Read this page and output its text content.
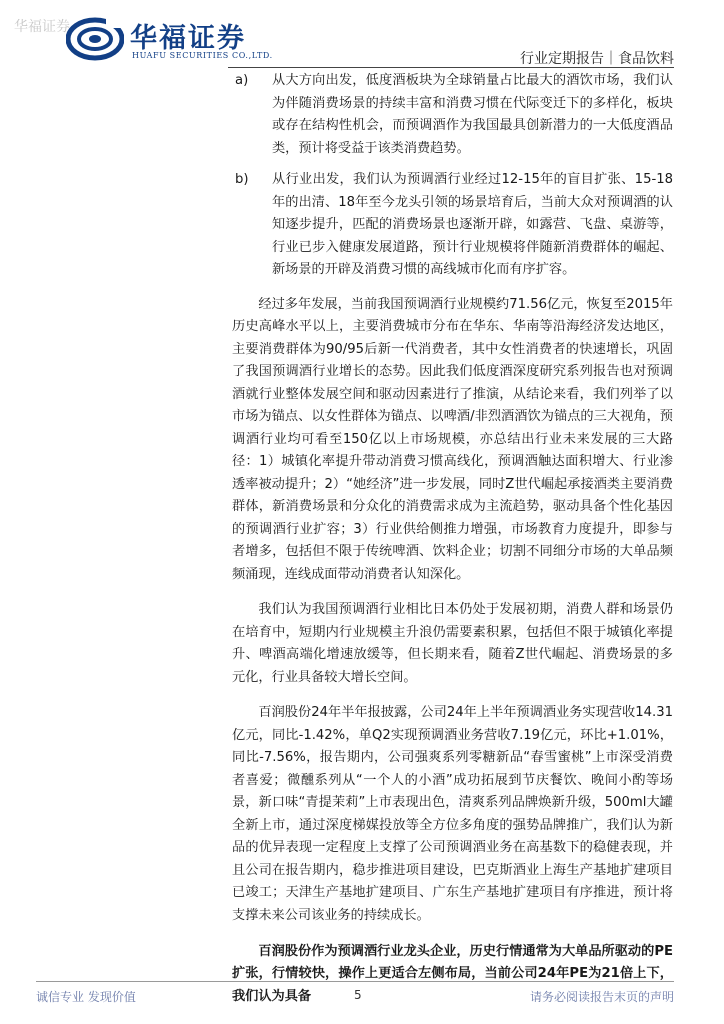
华福证券 华福证券
HUAFU SECURITIES CO.,LTD.	行业定期报告｜食品饮料
a) 从大方向出发，低度酒板块为全球销量占比最大的酒饮市场，我们认为伴随消费场景的持续丰富和消费习惯在代际变迁下的多样化，板块或存在结构性机会，而预调酒作为我国最具创新潜力的一大低度酒品类，预计将受益于该类消费趋势。
b) 从行业出发，我们认为预调酒行业经过12-15年的盲目扩张、15-18年的出清、18年至今龙头引领的场景培育后，当前大众对预调酒的认知逐步提升，匹配的消费场景也逐渐开辟，如露营、飞盘、桌游等，行业已步入健康发展道路，预计行业规模将伴随新消费群体的崛起、新场景的开辟及消费习惯的高线城市化而有序扩容。

经过多年发展，当前我国预调酒行业规模约71.56亿元，恢复至2015年历史高峰水平以上，主要消费城市分布在华东、华南等沿海经济发达地区，主要消费群体为90/95后新一代消费者，其中女性消费者的快速增长，巩固了我国预调酒行业增长的态势。因此我们低度酒深度研究系列报告也对预调酒就行业整体发展空间和驱动因素进行了推演，从结论来看，我们列举了以市场为锚点、以女性群体为锚点、以啤酒/非烈酒酒饮为锚点的三大视角，预调酒行业均可看至150亿以上市场规模，亦总结出行业未来发展的三大路径：1）城镇化率提升带动消费习惯高线化，预调酒触达面积增大、行业渗透率被动提升；2）“她经济”进一步发展，同时Z世代崛起承接酒类主要消费群体，新消费场景和分众化的消费需求成为主流趋势，驱动具备个性化基因的预调酒行业扩容；3）行业供给侧推力增强，市场教育力度提升，即参与者增多，包括但不限于传统啤酒、饮料企业；切割不同细分市场的大单品频频涌现，连线成面带动消费者认知深化。

我们认为我国预调酒行业相比日本仍处于发展初期，消费人群和场景仍在培育中，短期内行业规模主升浪仍需要素积累，包括但不限于城镇化率提升、啤酒高端化增速放缓等，但长期来看，随着Z世代崛起、消费场景的多元化，行业具备较大增长空间。

百润股份24年半年报披露，公司24年上半年预调酒业务实现营收14.31亿元，同比-1.42%，单Q2实现预调酒业务营收7.19亿元，环比+1.01%，同比-7.56%，报告期内，公司强爽系列零糖新品“春雪蜜桃”上市深受消费者喜爱；微醺系列从“一个人的小酒”成功拓展到节庆餐饮、晚间小酌等场景，新口味“青提茉莉”上市表现出色，清爽系列品牌焕新升级，500ml大罐全新上市，通过深度梯媒投放等全方位多角度的强势品牌推广，我们认为新品的优异表现一定程度上支撑了公司预调酒业务在高基数下的稳健表现，并且公司在报告期内，稳步推进项目建设，巴克斯酒业上海生产基地扩建项目已竣工；天津生产基地扩建项目、广东生产基地扩建项目有序推进，预计将支撑未来公司该业务的持续成长。

百润股份作为预调酒行业龙头企业，历史行情通常为大单品所驱动的PE扩张，行情较快，操作上更适合左侧布局，当前公司24年PE为21倍上下，我们认为具备

诚信专业 发现价值	5	请务必阅读报告末页的声明
